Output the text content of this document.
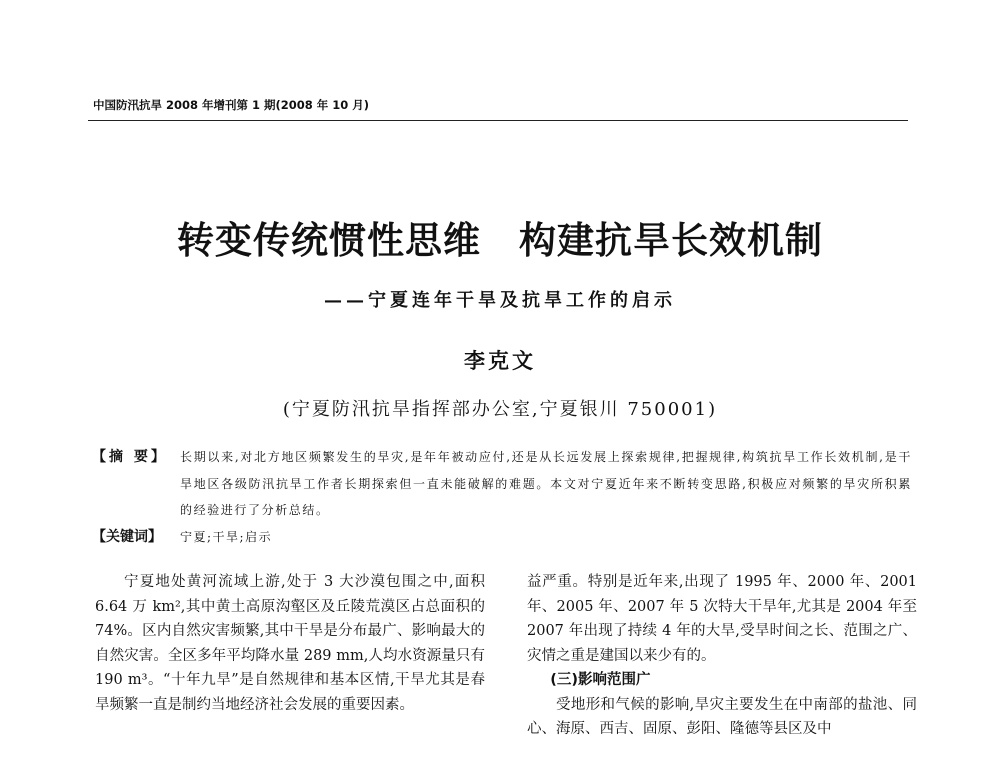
中国防汛抗旱 2008 年增刊第 1 期(2008 年 10 月)
转变传统惯性思维 构建抗旱长效机制
——宁夏连年干旱及抗旱工作的启示
李克文
(宁夏防汛抗旱指挥部办公室,宁夏银川 750001)
【摘 要】 长期以来,对北方地区频繁发生的旱灾,是年年被动应付,还是从长远发展上探索规律,把握规律,构筑抗旱工作长效机制,是干旱地区各级防汛抗旱工作者长期探索但一直未能破解的难题。本文对宁夏近年来不断转变思路,积极应对频繁的旱灾所积累的经验进行了分析总结。
【关键词】 宁夏;干旱;启示

宁夏地处黄河流域上游,处于 3 大沙漠包围之中,面积 6.64 万 km²,其中黄土高原沟壑区及丘陵荒漠区占总面积的 74%。区内自然灾害频繁,其中干旱是分布最广、影响最大的自然灾害。全区多年平均降水量 289 mm,人均水资源量只有 190 m³。“十年九旱”是自然规律和基本区情,干旱尤其是春旱频繁一直是制约当地经济社会发展的重要因素。

益严重。特别是近年来,出现了 1995 年、2000 年、2001 年、2005 年、2007 年 5 次特大干旱年,尤其是 2004 年至 2007 年出现了持续 4 年的大旱,受旱时间之长、范围之广、灾情之重是建国以来少有的。

(三)影响范围广

受地形和气候的影响,旱灾主要发生在中南部的盐池、同心、海原、西吉、固原、彭阳、隆德等县区及中
